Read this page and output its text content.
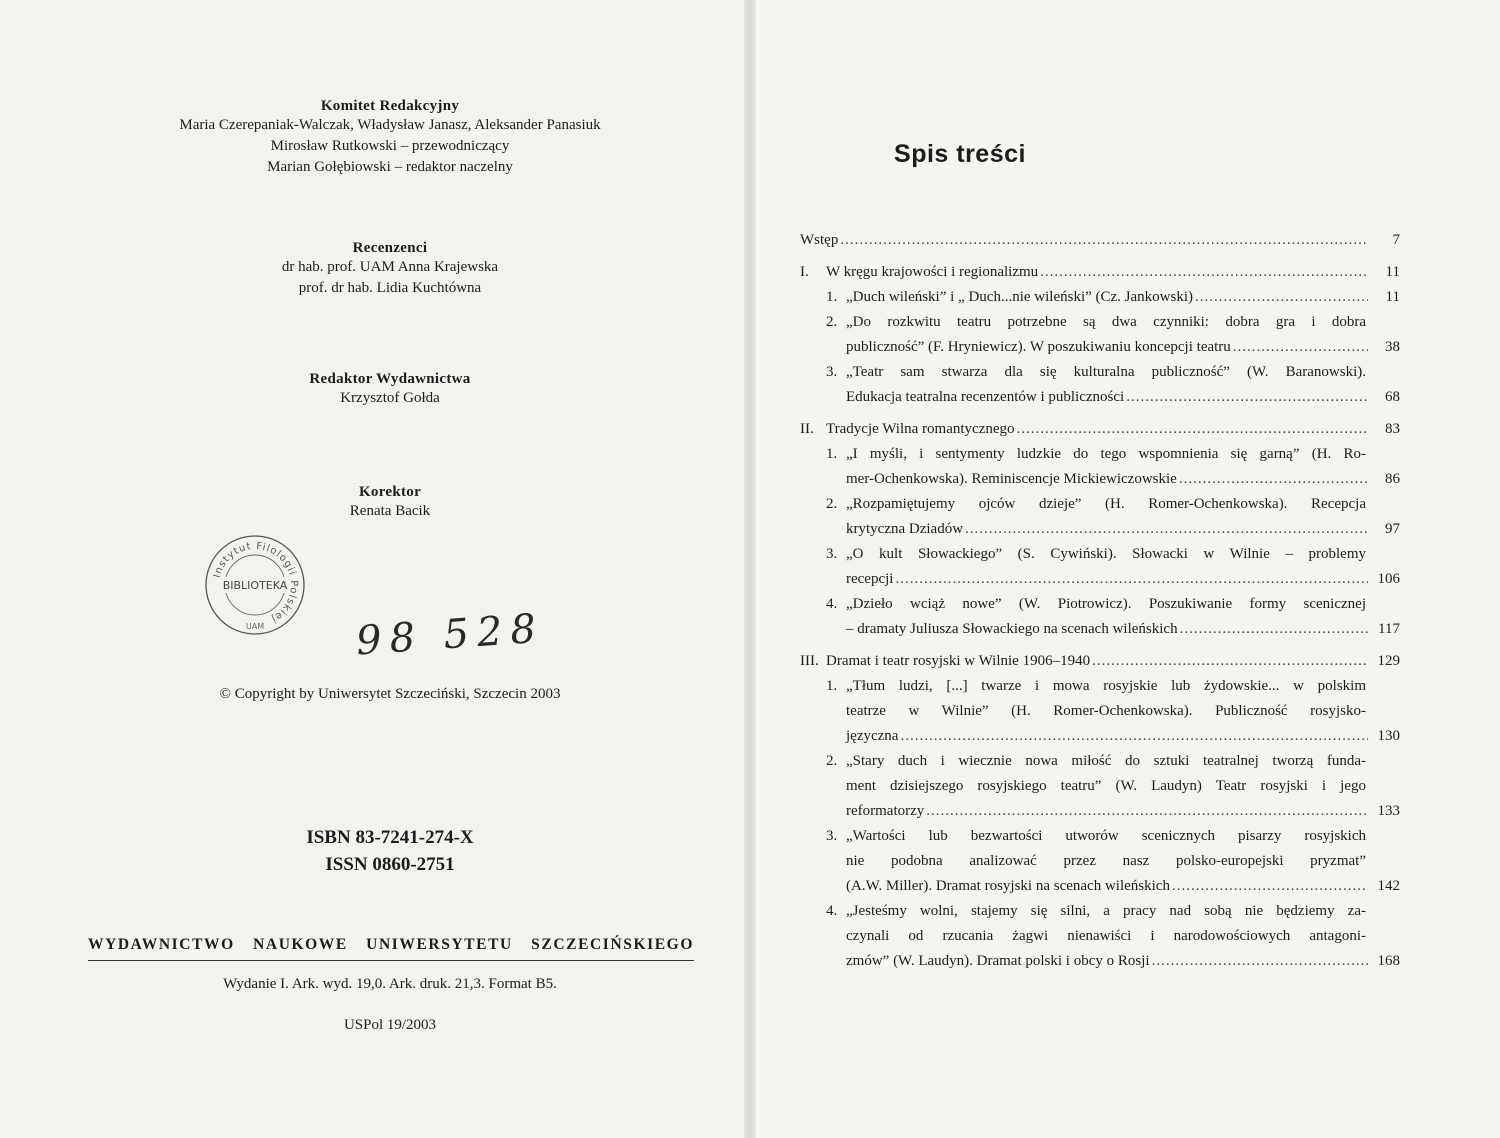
Komitet Redakcyjny
Maria Czerepaniak-Walczak, Władysław Janasz, Aleksander Panasiuk
Mirosław Rutkowski – przewodniczący
Marian Gołębiowski – redaktor naczelny
Recenzenci
dr hab. prof. UAM Anna Krajewska
prof. dr hab. Lidia Kuchtówna
Redaktor Wydawnictwa
Krzysztof Gołda
Korektor
Renata Bacik
Instytut Filologii Polskiej
BIBLIOTEKA
UAM 98 528
© Copyright by Uniwersytet Szczeciński, Szczecin 2003
ISBN 83-7241-274-X
ISSN 0860-2751
WYDAWNICTWO NAUKOWE UNIWERSYTETU SZCZECIŃSKIEGO
Wydanie I. Ark. wyd. 19,0. Ark. druk. 21,3. Format B5.
USPol 19/2003
Spis treści
Wstęp .....	7
I.	W kręgu krajowości i regionalizmu .....	11
1. „Duch wileński” i „ Duch...nie wileński” (Cz. Jankowski) .....	11
2. „Do rozkwitu teatru potrzebne są dwa czynniki: dobra gra i dobra
publiczność” (F. Hryniewicz). W poszukiwaniu koncepcji teatru .....	38
3. „Teatr sam stwarza dla się kulturalna publiczność” (W. Baranowski).
Edukacja teatralna recenzentów i publiczności .....	68
II. Tradycje Wilna romantycznego .....	83
1. „I myśli, i sentymenty ludzkie do tego wspomnienia się garną” (H. Ro-
mer-Ochenkowska). Reminiscencje Mickiewiczowskie .....	86
2. „Rozpamiętujemy ojców dzieje” (H. Romer-Ochenkowska). Recepcja
krytyczna Dziadów .....	97
3. „O kult Słowackiego” (S. Cywiński). Słowacki w Wilnie – problemy
recepcji .....	106
4. „Dzieło wciąż nowe” (W. Piotrowicz). Poszukiwanie formy scenicznej
– dramaty Juliusza Słowackiego na scenach wileńskich .....	117
III. Dramat i teatr rosyjski w Wilnie 1906–1940 .....	129
1. „Tłum ludzi, [...] twarze i mowa rosyjskie lub żydowskie... w polskim
teatrze w Wilnie” (H. Romer-Ochenkowska). Publiczność rosyjsko-
języczna .....	130
2. „Stary duch i wiecznie nowa miłość do sztuki teatralnej tworzą funda-
ment dzisiejszego rosyjskiego teatru” (W. Laudyn) Teatr rosyjski i jego
reformatorzy .....	133
3. „Wartości lub bezwartości utworów scenicznych pisarzy rosyjskich
nie podobna analizować przez nasz polsko-europejski pryzmat”
(A.W. Miller). Dramat rosyjski na scenach wileńskich .....	142
4. „Jesteśmy wolni, stajemy się silni, a pracy nad sobą nie będziemy za-
czynali od rzucania żagwi nienawiści i narodowościowych antagoni-
zmów” (W. Laudyn). Dramat polski i obcy o Rosji .....	168
